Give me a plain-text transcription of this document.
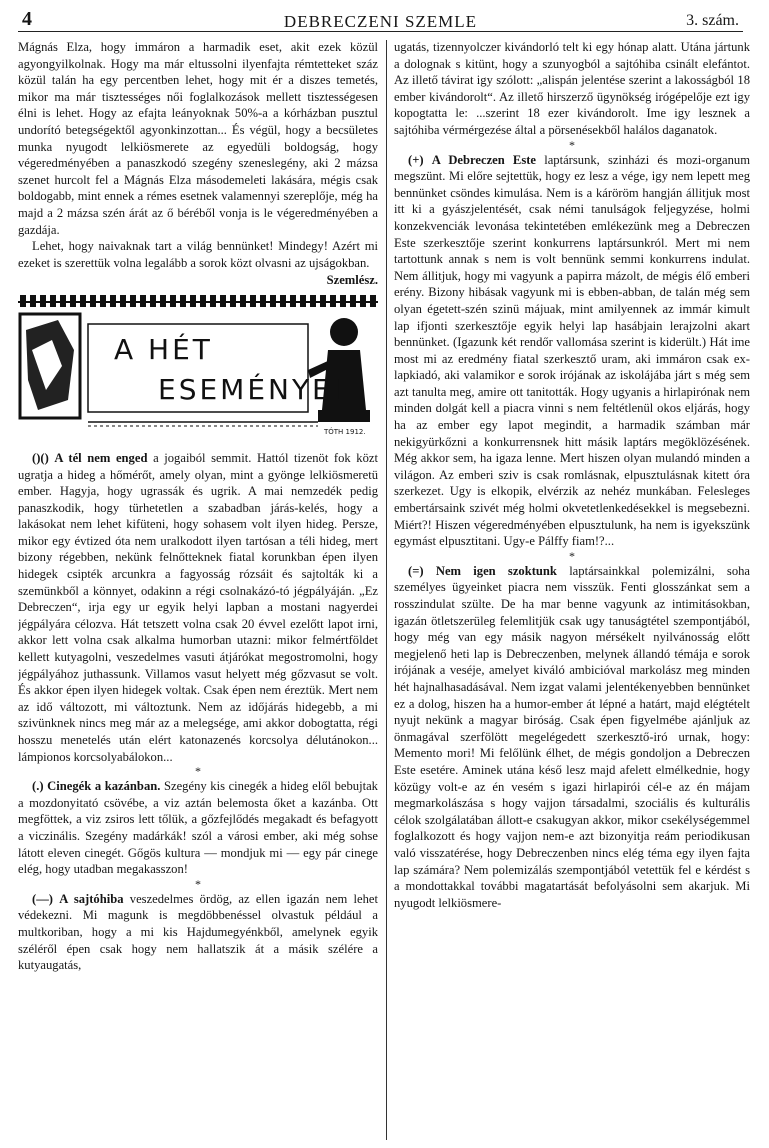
4	DEBRECZENI SZEMLE	3. szám.

Mágnás Elza, hogy immáron a harmadik eset, akit ezek közül agyongyilkolnak. Hogy ma már eltussolni ilyenfajta rémtetteket száz közül talán ha egy percentben lehet, hogy mit ér a diszes temetés, mikor ma már tisztességes női foglalkozások mellett tisztességesen élni is lehet. Hogy az efajta leányoknak 50%-a a kórházban pusztul undorító betegségektől agyonkinzottan... És végül, hogy a becsületes munka nyugodt lelkiösmerete az egyedüli boldogság, hogy végeredményében a panaszkodó szegény szeneslegény, aki 2 mázsa szenet hurcolt fel a Mágnás Elza másodemeleti lakására, mégis csak boldogabb, mint ennek a rémes esetnek valamennyi szereplője, még ha majd a 2 mázsa szén árát az ő béréből vonja is le végeredményében a gazdája.

Lehet, hogy naivaknak tart a világ bennünket! Mindegy! Azért mi ezeket is szerettük volna legalább a sorok közt olvasni az ujságokban.

Szemlész.

A HÉT
ESEMÉNYEI
TÓTH 1912.

()() A tél nem enged a jogaiból semmit. Hattól tizenöt fok közt ugratja a hideg a hőmérőt, amely olyan, mint a gyönge lelkiösmeretü ember. Hagyja, hogy ugrassák és ugrik. A mai nemzedék pedig panaszkodik, hogy türhetetlen a szabadban járás-kelés, hogy a lakásokat nem lehet kifüteni, hogy sohasem volt ilyen hideg. Persze, mikor egy évtized óta nem uralkodott ilyen tartósan a téli hideg, mert bizony régebben, nekünk felnőtteknek fiatal korunkban épen ilyen hidegek csipték arcunkra a fagyosság rózsáit és sajtolták ki a szemünkből a könnyet, odakinn a régi csolnakázó-tó jégpályáján. „Ez Debreczen“, irja egy ur egyik helyi lapban a mostani nagyerdei jégpályára célozva. Hát tetszett volna csak 20 évvel ezelőtt lapot irni, akkor lett volna csak alkalma humorban utazni: mikor felmértföldet kellett kutyagolni, veszedelmes vasuti átjárókat megostromolni, hogy jégpályához juthassunk. Villamos vasut helyett még gőzvasut se volt. És akkor épen ilyen hidegek voltak. Csak épen nem éreztük. Mert nem az idő változott, mi változtunk. Nem az időjárás hidegebb, a mi szivünknek nincs meg már az a melegsége, ami akkor dobogtatta, régi hosszu menetelés után elért katonazenés korcsolya délutánokon... lámpionos korcsolyabálokon...

*

(.) Cinegék a kazánban. Szegény kis cinegék a hideg elől bebujtak a mozdonyitató csövébe, a viz aztán belemosta őket a kazánba. Ott megföttek, a viz zsiros lett tőlük, a gőzfejlődés megakadt és befagyott a viczinális. Szegény madárkák! szól a városi ember, aki még sohse látott eleven cinegét. Gőgös kultura — mondjuk mi — egy pár cinege elég, hogy utadban megakasszon!

*

(—) A sajtóhiba veszedelmes ördög, az ellen igazán nem lehet védekezni. Mi magunk is megdöbbenéssel olvastuk például a multkoriban, hogy a mi kis Hajdumegyénkből, amelynek egyik széléről épen csak hogy nem hallatszik át a másik szélére a kutyaugatás,

ugatás, tizennyolczer kivándorló telt ki egy hónap alatt. Utána jártunk a dolognak s kitünt, hogy a szunyogból a sajtóhiba csinált elefántot. Az illető távirat igy szólott: „alispán jelentése szerint a lakosságból 18 ember kivándorolt“. Az illető hirszerző ügynökség irógépelője ezt igy kopogtatta le: ...szerint 18 ezer kivándorolt. Ime igy lesznek a sajtóhiba vérmérgezése által a pörsenésekből halálos daganatok.

*

(+) A Debreczen Este laptársunk, szinházi és mozi-organum megszünt. Mi előre sejtettük, hogy ez lesz a vége, igy nem lepett meg bennünket csöndes kimulása. Nem is a káröröm hangján állitjuk most itt ki a gyászjelentését, csak némi tanulságok feljegyzése, holmi konzekvenciák levonása tekintetében emlékezünk meg a Debreczen Este szerkesztője szerint konkurrens laptársunkról. Mert mi nem tartottunk annak s nem is volt bennünk semmi konkurrens indulat. Nem állitjuk, hogy mi vagyunk a papirra mázolt, de mégis élő emberi erény. Bizony hibásak vagyunk mi is ebben-abban, de talán még sem olyan égetett-szén szinü májuak, mint amilyennek az immár kimult lap ifjonti szerkesztője egyik helyi lap hasábjain lerajzolni akart bennünket. (Igazunk két rendőr vallomása szerint is kiderült.) Hát ime most mi az eredmény fiatal szerkesztő uram, aki immáron csak ex-lapkiadó, aki valamikor e sorok irójának az iskolájába járt s még sem azt tanulta meg, amire ott tanitották. Hogy ugyanis a hirlapirónak nem minden dolgát kell a piacra vinni s nem feltétlenül okos eljárás, hogy ha az ember egy lapot megindit, a harmadik számban már nekigyürkőzni a konkurrensnek hitt másik laptárs megöklözésének. Még akkor sem, ha igaza lenne. Mert hiszen olyan mulandó minden a világon. Az emberi sziv is csak romlásnak, elpusztulásnak kitett óra szerkezet. Ugy is elkopik, elvérzik az nehéz munkában. Felesleges embertársaink szivét még holmi okvetetlenkedésekkel is megsebezni. Miért?! Hiszen végeredményében elpusztulunk, ha nem is igyekszünk egymást elpusztitani. Ugy-e Pálffy fiam!?...

*

(=) Nem igen szoktunk laptársainkkal polemizálni, soha személyes ügyeinket piacra nem visszük. Fenti glosszánkat sem a rosszindulat szülte. De ha mar benne vagyunk az intimitásokban, igazán ötletszerüleg felemlitjük csak ugy tanuságtétel szempontjából, hogy még van egy másik nagyon mérsékelt nyilvánosság előtt megjelenő heti lap is Debreczenben, melynek állandó témája e sorok irójának a veséje, amelyet kiváló ambicióval markolász meg minden hét hajnalhasadásával. Nem izgat valami jelentékenyebben bennünket ez a dolog, hiszen ha a humor-ember át lépné a határt, majd elégtételt nyujt nekünk a magyar biróság. Csak épen figyelmébe ajánljuk az önmagával szerfölött megelégedett szerkesztő-iró urnak, hogy: Memento mori! Mi felőlünk élhet, de mégis gondoljon a Debreczen Este esetére. Aminek utána késő lesz majd afelett elmélkednie, hogy közügy volt-e az én vesém s igazi hirlapirói cél-e az én májam megmarkolászása s hogy vajjon társadalmi, szociális és kulturális célok szolgálatában állott-e csakugyan akkor, mikor csekélységemmel foglalkozott és hogy vajjon nem-e azt bizonyitja reám periodikusan való visszatérése, hogy Debreczenben nincs elég téma egy ilyen fajta lap számára? Nem polemizálás szempontjából vetettük fel e kérdést s a mondottakkal további magatartását befolyásolni sem akarjuk. Mi nyugodt lelkiösmere-
